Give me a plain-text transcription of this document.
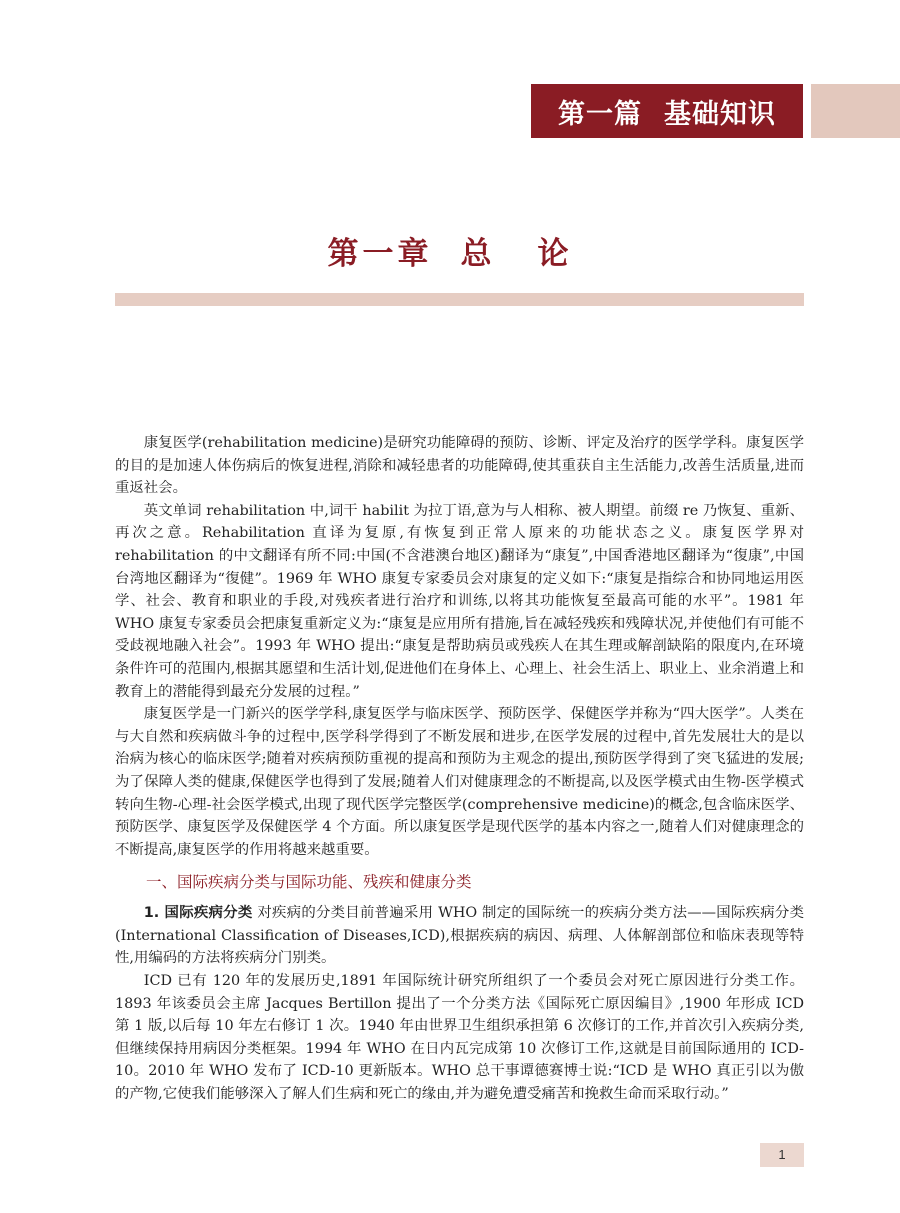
第一篇 基础知识
第一章 总 论

康复医学(rehabilitation medicine)是研究功能障碍的预防、诊断、评定及治疗的医学学科。康复医学的目的是加速人体伤病后的恢复进程,消除和减轻患者的功能障碍,使其重获自主生活能力,改善生活质量,进而重返社会。

英文单词 rehabilitation 中,词干 habilit 为拉丁语,意为与人相称、被人期望。前缀 re 乃恢复、重新、再次之意。Rehabilitation 直译为复原,有恢复到正常人原来的功能状态之义。康复医学界对 rehabilitation 的中文翻译有所不同:中国(不含港澳台地区)翻译为“康复”,中国香港地区翻译为“復康”,中国台湾地区翻译为“復健”。1969 年 WHO 康复专家委员会对康复的定义如下:“康复是指综合和协同地运用医学、社会、教育和职业的手段,对残疾者进行治疗和训练,以将其功能恢复至最高可能的水平”。1981 年 WHO 康复专家委员会把康复重新定义为:“康复是应用所有措施,旨在减轻残疾和残障状况,并使他们有可能不受歧视地融入社会”。1993 年 WHO 提出:“康复是帮助病员或残疾人在其生理或解剖缺陷的限度内,在环境条件许可的范围内,根据其愿望和生活计划,促进他们在身体上、心理上、社会生活上、职业上、业余消遣上和教育上的潜能得到最充分发展的过程。”

康复医学是一门新兴的医学学科,康复医学与临床医学、预防医学、保健医学并称为“四大医学”。人类在与大自然和疾病做斗争的过程中,医学科学得到了不断发展和进步,在医学发展的过程中,首先发展壮大的是以治病为核心的临床医学;随着对疾病预防重视的提高和预防为主观念的提出,预防医学得到了突飞猛进的发展;为了保障人类的健康,保健医学也得到了发展;随着人们对健康理念的不断提高,以及医学模式由生物-医学模式转向生物-心理-社会医学模式,出现了现代医学完整医学(comprehensive medicine)的概念,包含临床医学、预防医学、康复医学及保健医学 4 个方面。所以康复医学是现代医学的基本内容之一,随着人们对健康理念的不断提高,康复医学的作用将越来越重要。

一、国际疾病分类与国际功能、残疾和健康分类

1. 国际疾病分类 对疾病的分类目前普遍采用 WHO 制定的国际统一的疾病分类方法——国际疾病分类(International Classification of Diseases,ICD),根据疾病的病因、病理、人体解剖部位和临床表现等特性,用编码的方法将疾病分门别类。

ICD 已有 120 年的发展历史,1891 年国际统计研究所组织了一个委员会对死亡原因进行分类工作。1893 年该委员会主席 Jacques Bertillon 提出了一个分类方法《国际死亡原因编目》,1900 年形成 ICD 第 1 版,以后每 10 年左右修订 1 次。1940 年由世界卫生组织承担第 6 次修订的工作,并首次引入疾病分类,但继续保持用病因分类框架。1994 年 WHO 在日内瓦完成第 10 次修订工作,这就是目前国际通用的 ICD-10。2010 年 WHO 发布了 ICD-10 更新版本。WHO 总干事谭德赛博士说:“ICD 是 WHO 真正引以为傲的产物,它使我们能够深入了解人们生病和死亡的缘由,并为避免遭受痛苦和挽救生命而采取行动。”

1
